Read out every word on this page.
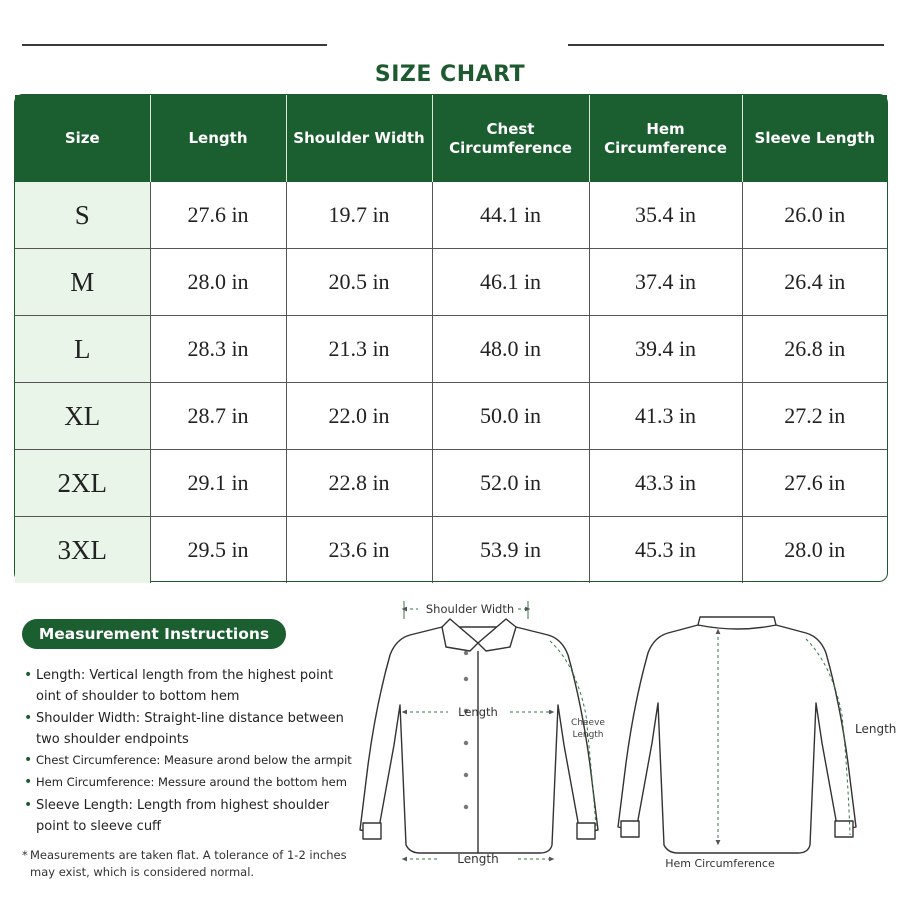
SIZE CHART
Size	Length	Shoulder Width	Chest Circumference	Hem Circumference	Sleeve Length
S	27.6 in	19.7 in	44.1 in	35.4 in	26.0 in
M	28.0 in	20.5 in	46.1 in	37.4 in	26.4 in
L	28.3 in	21.3 in	48.0 in	39.4 in	26.8 in
XL	28.7 in	22.0 in	50.0 in	41.3 in	27.2 in
2XL	29.1 in	22.8 in	52.0 in	43.3 in	27.6 in
3XL	29.5 in	23.6 in	53.9 in	45.3 in	28.0 in
Measurement Instructions
• Length: Vertical length from the highest point oint of shoulder to bottom hem
• Shoulder Width: Straight-line distance between two shoulder endpoints
• Chest Circumference: Measurе arοnd below the armpit
• Hem Circumference: Messure around the bottom hem
• Sleeve Length: Length from highest shoulder point to sleeve cuff
* Measurements are taken flat. A tolerance of 1-2 inches may exist, which is considered normal.
Shoulder Width
Length
Cheeve
Length
Length
Length
Hem Circumference
